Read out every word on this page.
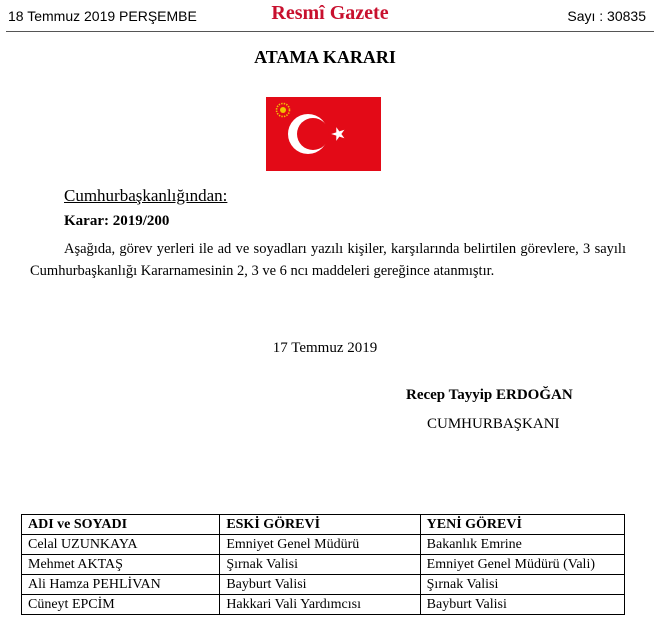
18 Temmuz 2019 PERŞEMBE	Resmî Gazete	Sayı : 30835
ATAMA KARARI
Cumhurbaşkanlığından:
Karar: 2019/200
Aşağıda, görev yerleri ile ad ve soyadları yazılı kişiler, karşılarında belirtilen görevlere, 3 sayılı Cumhurbaşkanlığı Kararnamesinin 2, 3 ve 6 ncı maddeleri gereğince atanmıştır.
17 Temmuz 2019
Recep Tayyip ERDOĞAN
CUMHURBAŞKANI
ADI ve SOYADI	ESKİ GÖREVİ	YENİ GÖREVİ
Celal UZUNKAYA	Emniyet Genel Müdürü	Bakanlık Emrine
Mehmet AKTAŞ	Şırnak Valisi	Emniyet Genel Müdürü (Vali)
Ali Hamza PEHLİVAN	Bayburt Valisi	Şırnak Valisi
Cüneyt EPCİM	Hakkari Vali Yardımcısı	Bayburt Valisi
